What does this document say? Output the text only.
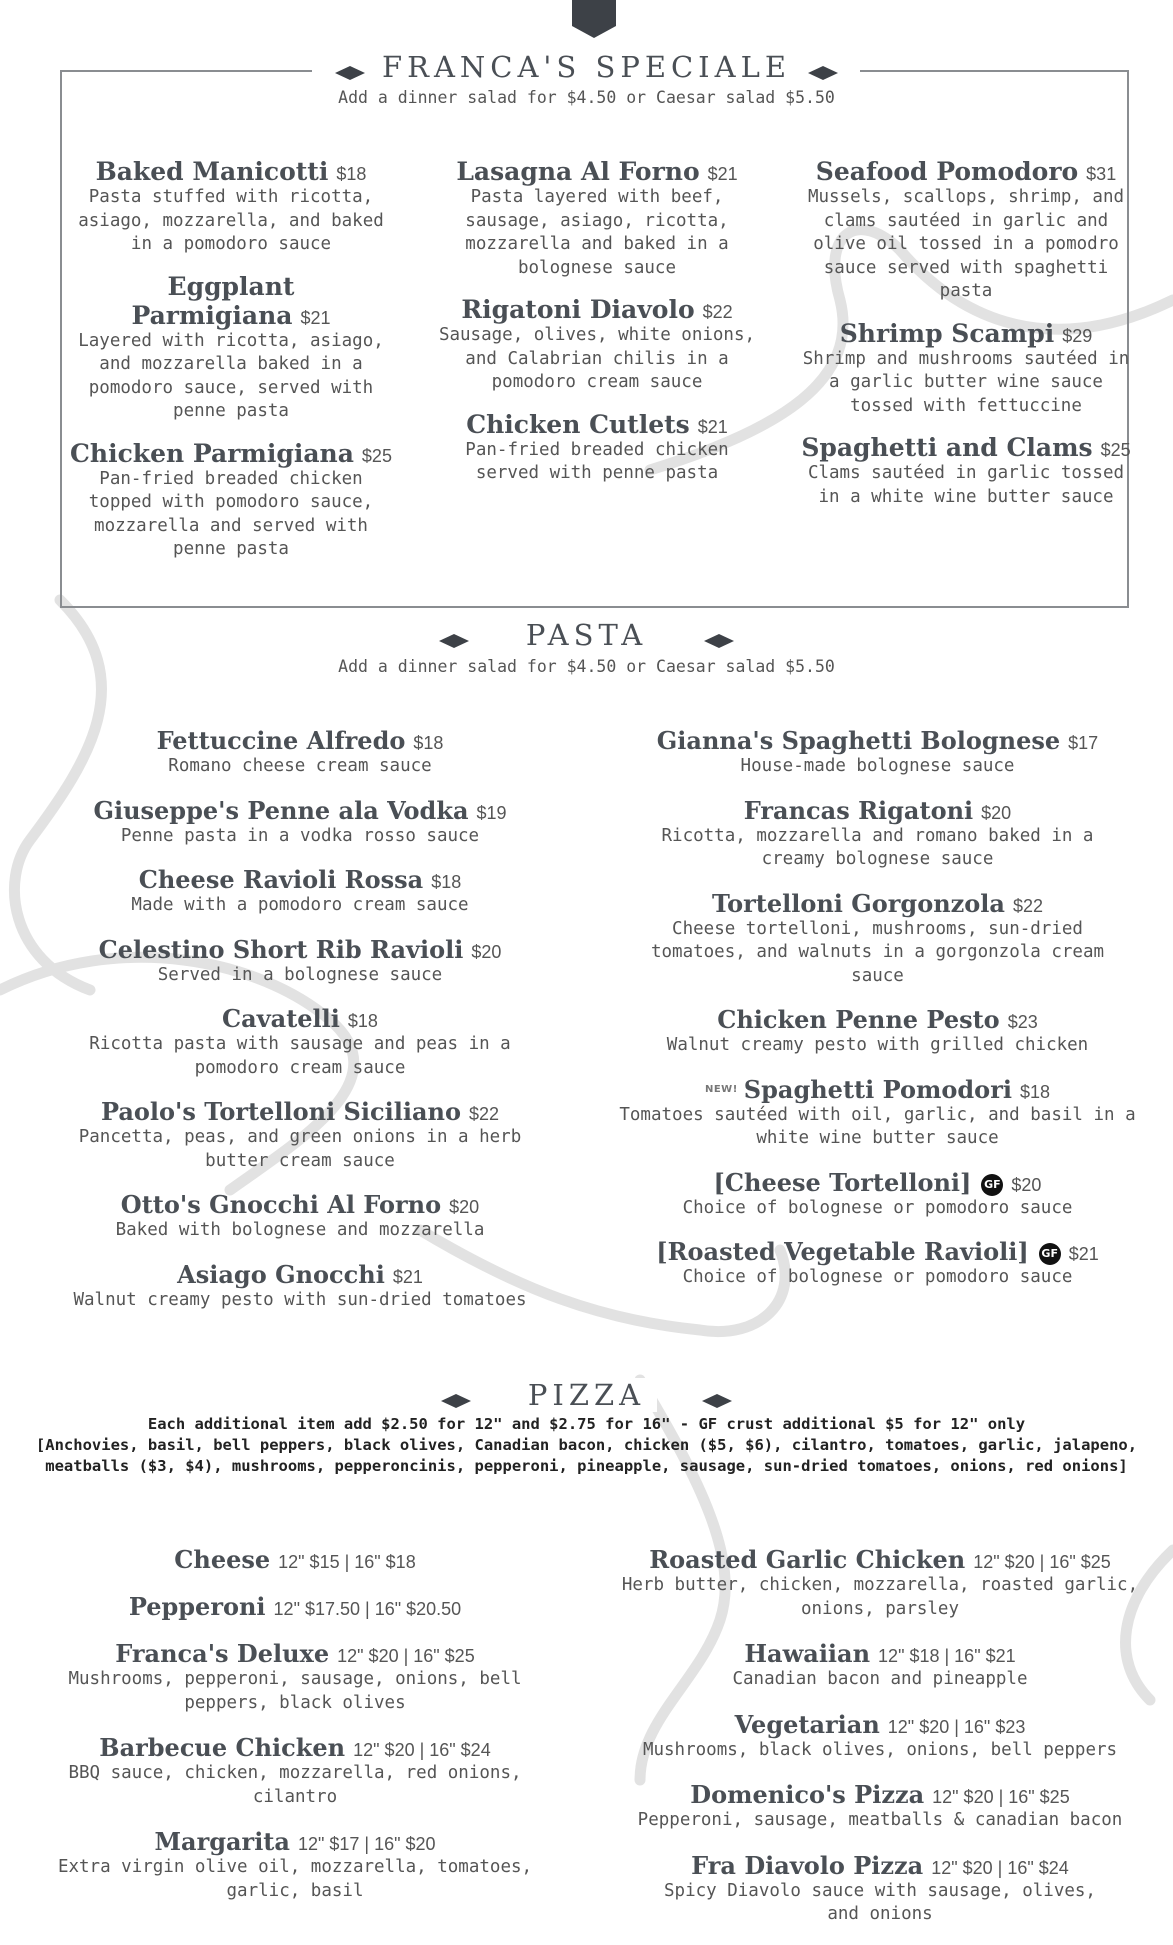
FRANCA'S SPECIALE
Add a dinner salad for $4.50 or Caesar salad $5.50
Baked Manicotti $18
Pasta stuffed with ricotta, asiago, mozzarella, and baked in a pomodoro sauce
Eggplant Parmigiana $21
Layered with ricotta, asiago, and mozzarella baked in a pomodoro sauce, served with penne pasta
Chicken Parmigiana $25
Pan-fried breaded chicken topped with pomodoro sauce, mozzarella and served with penne pasta
Lasagna Al Forno $21
Pasta layered with beef, sausage, asiago, ricotta, mozzarella and baked in a bolognese sauce
Rigatoni Diavolo $22
Sausage, olives, white onions, and Calabrian chilis in a pomodoro cream sauce
Chicken Cutlets $21
Pan-fried breaded chicken served with penne pasta
Seafood Pomodoro $31
Mussels, scallops, shrimp, and clams sautéed in garlic and olive oil tossed in a pomodro sauce served with spaghetti pasta
Shrimp Scampi $29
Shrimp and mushrooms sautéed in a garlic butter wine sauce tossed with fettuccine
Spaghetti and Clams $25
Clams sautéed in garlic tossed in a white wine butter sauce
PASTA
Add a dinner salad for $4.50 or Caesar salad $5.50
Fettuccine Alfredo $18
Romano cheese cream sauce
Giuseppe's Penne ala Vodka $19
Penne pasta in a vodka rosso sauce
Cheese Ravioli Rossa $18
Made with a pomodoro cream sauce
Celestino Short Rib Ravioli $20
Served in a bolognese sauce
Cavatelli $18
Ricotta pasta with sausage and peas in a pomodoro cream sauce
Paolo's Tortelloni Siciliano $22
Pancetta, peas, and green onions in a herb butter cream sauce
Otto's Gnocchi Al Forno $20
Baked with bolognese and mozzarella
Asiago Gnocchi $21
Walnut creamy pesto with sun-dried tomatoes
Gianna's Spaghetti Bolognese $17
House-made bolognese sauce
Francas Rigatoni $20
Ricotta, mozzarella and romano baked in a creamy bolognese sauce
Tortelloni Gorgonzola $22
Cheese tortelloni, mushrooms, sun-dried tomatoes, and walnuts in a gorgonzola cream sauce
Chicken Penne Pesto $23
Walnut creamy pesto with grilled chicken
NEW! Spaghetti Pomodori $18
Tomatoes sautéed with oil, garlic, and basil in a white wine butter sauce
[Cheese Tortelloni] GF $20
Choice of bolognese or pomodoro sauce
[Roasted Vegetable Ravioli] GF $21
Choice of bolognese or pomodoro sauce
PIZZA
Each additional item add $2.50 for 12" and $2.75 for 16" - GF crust additional $5 for 12" only
[Anchovies, basil, bell peppers, black olives, Canadian bacon, chicken ($5, $6), cilantro, tomatoes, garlic, jalapeno, meatballs ($3, $4), mushrooms, pepperoncinis, pepperoni, pineapple, sausage, sun-dried tomatoes, onions, red onions]
Cheese 12" $15 | 16" $18
Pepperoni 12" $17.50 | 16" $20.50
Franca's Deluxe 12" $20 | 16" $25
Mushrooms, pepperoni, sausage, onions, bell peppers, black olives
Barbecue Chicken 12" $20 | 16" $24
BBQ sauce, chicken, mozzarella, red onions, cilantro
Margarita 12" $17 | 16" $20
Extra virgin olive oil, mozzarella, tomatoes, garlic, basil
Roasted Garlic Chicken 12" $20 | 16" $25
Herb butter, chicken, mozzarella, roasted garlic, onions, parsley
Hawaiian 12" $18 | 16" $21
Canadian bacon and pineapple
Vegetarian 12" $20 | 16" $23
Mushrooms, black olives, onions, bell peppers
Domenico's Pizza 12" $20 | 16" $25
Pepperoni, sausage, meatballs & canadian bacon
Fra Diavolo Pizza 12" $20 | 16" $24
Spicy Diavolo sauce with sausage, olives, and onions
